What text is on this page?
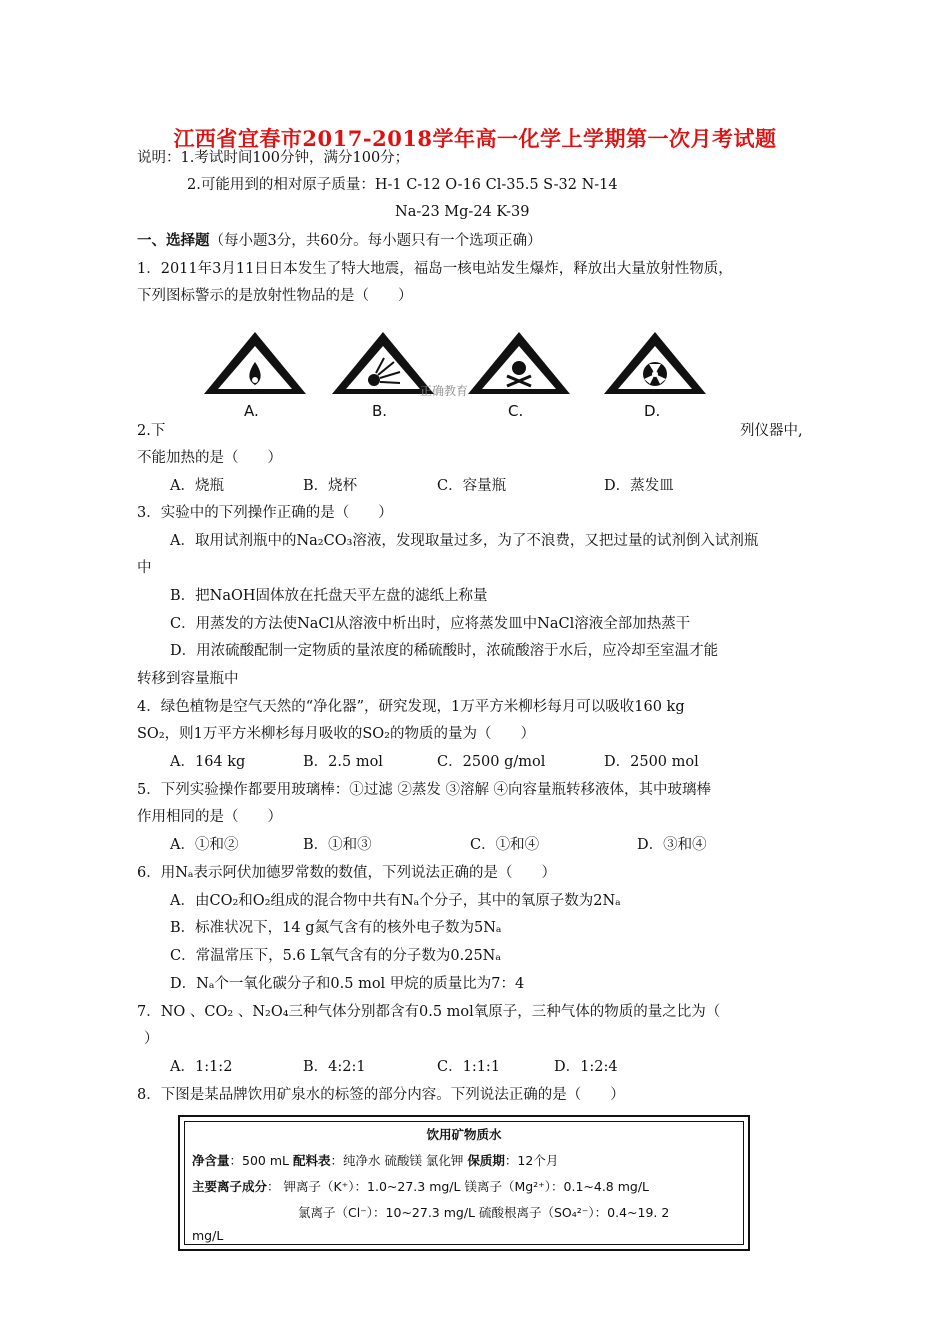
江西省宜春市2017-2018学年高一化学上学期第一次月考试题
说明：1.考试时间100分钟，满分100分；
2.可能用到的相对原子质量：H-1 C-12 O-16 Cl-35.5 S-32 N-14
Na-23 Mg-24 K-39
一、选择题（每小题3分，共60分。每小题只有一个选项正确）
1．2011年3月11日日本发生了特大地震，福岛一核电站发生爆炸，释放出大量放射性物质，
下列图标警示的是放射性物品的是（　　）
A.	B.	C.	D.
正确教育
2.下	列仪器中,
不能加热的是（　　）
A．烧瓶	B．烧杯	C．容量瓶	D．蒸发皿
3．实验中的下列操作正确的是（　　）
A．取用试剂瓶中的Na₂CO₃溶液，发现取量过多，为了不浪费，又把过量的试剂倒入试剂瓶
中
B．把NaOH固体放在托盘天平左盘的滤纸上称量
C．用蒸发的方法使NaCl从溶液中析出时，应将蒸发皿中NaCl溶液全部加热蒸干
D．用浓硫酸配制一定物质的量浓度的稀硫酸时，浓硫酸溶于水后，应冷却至室温才能
转移到容量瓶中
4．绿色植物是空气天然的“净化器”，研究发现，1万平方米柳杉每月可以吸收160 kg
SO₂，则1万平方米柳杉每月吸收的SO₂的物质的量为（　　）
A．164 kg	B．2.5 mol	C．2500 g/mol	D．2500 mol
5．下列实验操作都要用玻璃棒：①过滤 ②蒸发 ③溶解 ④向容量瓶转移液体，其中玻璃棒
作用相同的是（　　）
A．①和②	B．①和③	C．①和④	D．③和④
6．用Nₐ表示阿伏加德罗常数的数值，下列说法正确的是（　　）
A．由CO₂和O₂组成的混合物中共有Nₐ个分子，其中的氧原子数为2Nₐ
B．标准状况下，14 g氮气含有的核外电子数为5Nₐ
C．常温常压下，5.6 L氧气含有的分子数为0.25Nₐ
D．Nₐ个一氧化碳分子和0.5 mol 甲烷的质量比为7：4
7．NO 、CO₂ 、N₂O₄三种气体分别都含有0.5 mol氧原子，三种气体的物质的量之比为（
）
A．1:1:2	B．4:2:1	C．1:1:1	D．1:2:4
8．下图是某品牌饮用矿泉水的标签的部分内容。下列说法正确的是（　　）
饮用矿物质水
净含量：500 mL 配料表：纯净水 硫酸镁 氯化钾 保质期：12个月
主要离子成分： 钾离子（K⁺）：1.0~27.3 mg/L 镁离子（Mg²⁺）：0.1~4.8 mg/L
氯离子（Cl⁻）：10~27.3 mg/L 硫酸根离子（SO₄²⁻）：0.4~19. 2
mg/L
